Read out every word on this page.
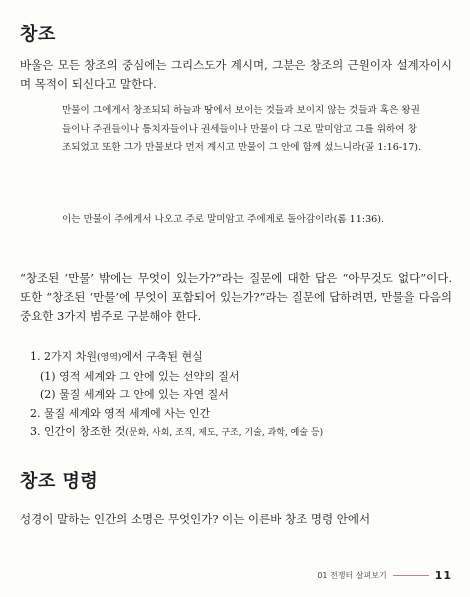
창조
바울은 모든 창조의 중심에는 그리스도가 계시며, 그분은 창조의 근원이자 설계자이시며 목적이 되신다고 말한다.
만물이 그에게서 창조되되 하늘과 땅에서 보이는 것들과 보이지 않는 것들과 혹은 왕권들이나 주권들이나 통치자들이나 권세들이나 만물이 다 그로 말미암고 그를 위하여 창조되었고 또한 그가 만물보다 먼저 계시고 만물이 그 안에 함께 섰느니라(골 1:16-17).
이는 만물이 주에게서 나오고 주로 말미암고 주에게로 돌아감이라(롬 11:36).
“창조된 ‘만물’ 밖에는 무엇이 있는가?”라는 질문에 대한 답은 “아무것도 없다”이다. 또한 “창조된 ‘만물’에 무엇이 포함되어 있는가?”라는 질문에 답하려면, 만물을 다음의 중요한 3가지 범주로 구분해야 한다.
1. 2가지 차원(영역)에서 구축된 현실
(1) 영적 세계와 그 안에 있는 선약의 질서
(2) 물질 세계와 그 안에 있는 자연 질서
2. 물질 세계와 영적 세계에 사는 인간
3. 인간이 창조한 것(문화, 사회, 조직, 제도, 구조, 기술, 과학, 예술 등)
창조 명령
성경이 말하는 인간의 소명은 무엇인가? 이는 이른바 창조 명령 안에서
01 전쟁터 살펴보기	11
